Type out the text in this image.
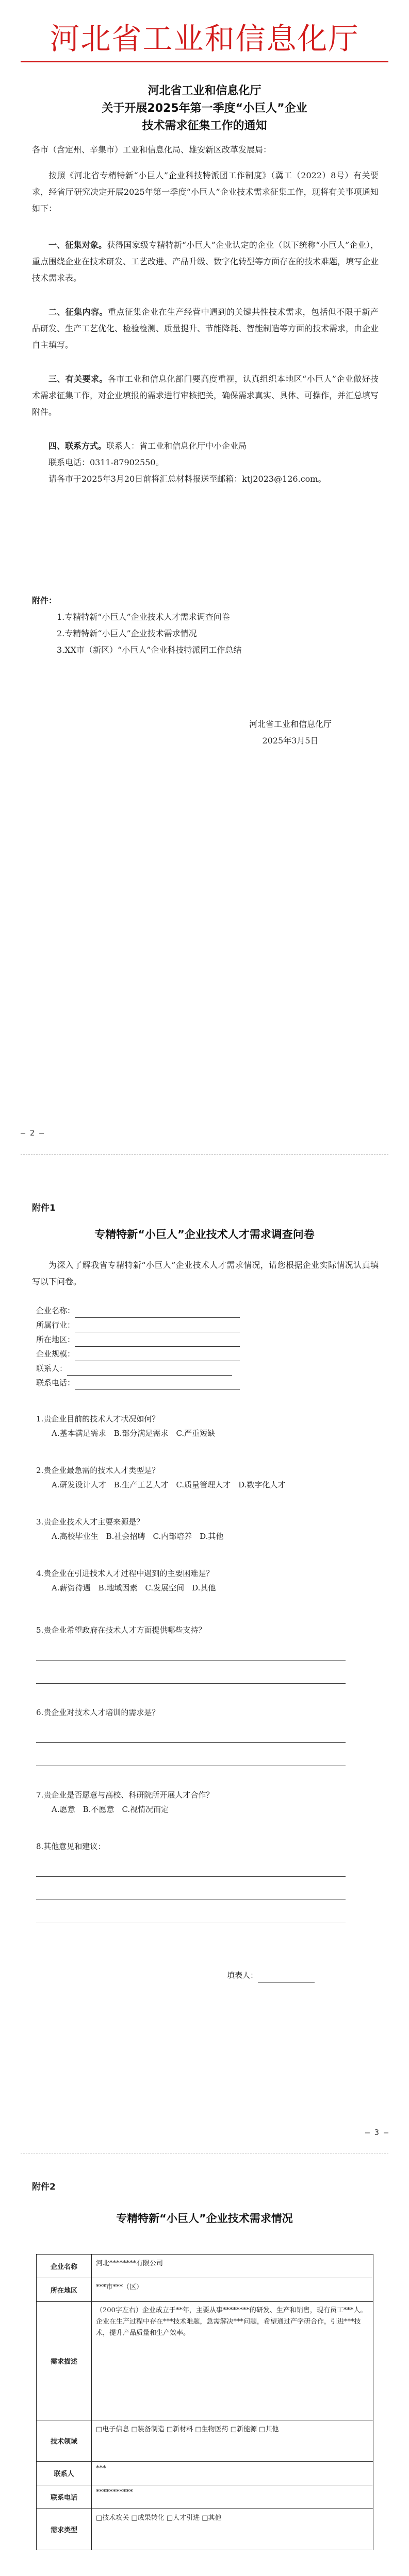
河北省工业和信息化厅
河北省工业和信息化厅
关于开展2025年第一季度“小巨人”企业
技术需求征集工作的通知
各市（含定州、辛集市）工业和信息化局、雄安新区改革发展局：
按照《河北省专精特新“小巨人”企业科技特派团工作制度》（冀工（2022）8号）有关要求，经省厅研究决定开展2025年第一季度“小巨人”企业技术需求征集工作，现将有关事项通知如下：
一、征集对象。获得国家级专精特新“小巨人”企业认定的企业（以下统称“小巨人”企业），重点围绕企业在技术研发、工艺改进、产品升级、数字化转型等方面存在的技术难题，填写企业技术需求表。
二、征集内容。重点征集企业在生产经营中遇到的关键共性技术需求，包括但不限于新产品研发、生产工艺优化、检验检测、质量提升、节能降耗、智能制造等方面的技术需求，由企业自主填写。
三、有关要求。各市工业和信息化部门要高度重视，认真组织本地区“小巨人”企业做好技术需求征集工作，对企业填报的需求进行审核把关，确保需求真实、具体、可操作，并汇总填写附件。
四、联系方式。联系人：省工业和信息化厅中小企业局
联系电话：0311-87902550。
请各市于2025年3月20日前将汇总材料报送至邮箱：ktj2023@126.com。
附件：
1.专精特新“小巨人”企业技术人才需求调查问卷
2.专精特新“小巨人”企业技术需求情况
3.XX市（新区）“小巨人”企业科技特派团工作总结
河北省工业和信息化厅
2025年3月5日
— 2 —
附件1
专精特新“小巨人”企业技术人才需求调查问卷
为深入了解我省专精特新“小巨人”企业技术人才需求情况，请您根据企业实际情况认真填写以下问卷。
企业名称：
所属行业：
所在地区：
企业规模：
联系人：
联系电话：
1.贵企业目前的技术人才状况如何？
A.基本满足需求　 B.部分满足需求　 C.严重短缺
2.贵企业最急需的技术人才类型是？
A.研发设计人才　 B.生产工艺人才　 C.质量管理人才　 D.数字化人才
3.贵企业技术人才主要来源是？
A.高校毕业生　 B.社会招聘　 C.内部培养　 D.其他
4.贵企业在引进技术人才过程中遇到的主要困难是？
A.薪资待遇　 B.地域因素　 C.发展空间　 D.其他
5.贵企业希望政府在技术人才方面提供哪些支持？
6.贵企业对技术人才培训的需求是？
7.贵企业是否愿意与高校、科研院所开展人才合作？
A.愿意　 B.不愿意　 C.视情况而定
8.其他意见和建议：
填表人：
— 3 —
附件2
专精特新“小巨人”企业技术需求情况
企业名称	河北********有限公司
所在地区	***市***（区）
需求描述	（200字左右）企业成立于**年，主要从事********的研发、生产和销售，现有员工***人。企业在生产过程中存在***技术难题，急需解决***问题，希望通过产学研合作，引进***技术，提升产品质量和生产效率。
技术领域	□电子信息 □装备制造 □新材料 □生物医药 □新能源 □其他
联系人	***
联系电话	***********
需求类型	□技术攻关 □成果转化 □人才引进 □其他
